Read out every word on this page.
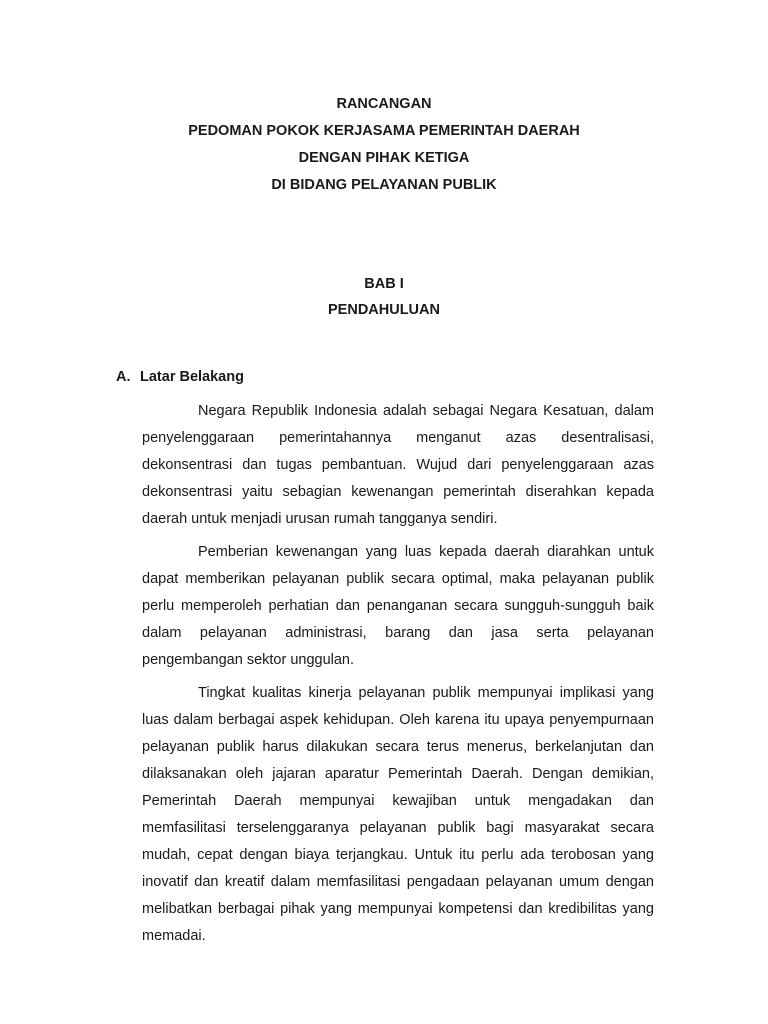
RANCANGAN
PEDOMAN POKOK KERJASAMA PEMERINTAH DAERAH
DENGAN PIHAK KETIGA
DI BIDANG PELAYANAN PUBLIK
BAB I
PENDAHULUAN
A. Latar Belakang

Negara Republik Indonesia adalah sebagai Negara Kesatuan, dalam penyelenggaraan pemerintahannya menganut azas desentralisasi, dekonsentrasi dan tugas pembantuan. Wujud dari penyelenggaraan azas dekonsentrasi yaitu sebagian kewenangan pemerintah diserahkan kepada daerah untuk menjadi urusan rumah tangganya sendiri.

Pemberian kewenangan yang luas kepada daerah diarahkan untuk dapat memberikan pelayanan publik secara optimal, maka pelayanan publik perlu memperoleh perhatian dan penanganan secara sungguh-sungguh baik dalam pelayanan administrasi, barang dan jasa serta pelayanan pengembangan sektor unggulan.

Tingkat kualitas kinerja pelayanan publik mempunyai implikasi yang luas dalam berbagai aspek kehidupan. Oleh karena itu upaya penyempurnaan pelayanan publik harus dilakukan secara terus menerus, berkelanjutan dan dilaksanakan oleh jajaran aparatur Pemerintah Daerah. Dengan demikian, Pemerintah Daerah mempunyai kewajiban untuk mengadakan dan memfasilitasi terselenggaranya pelayanan publik bagi masyarakat secara mudah, cepat dengan biaya terjangkau. Untuk itu perlu ada terobosan yang inovatif dan kreatif dalam memfasilitasi pengadaan pelayanan umum dengan melibatkan berbagai pihak yang mempunyai kompetensi dan kredibilitas yang memadai.
